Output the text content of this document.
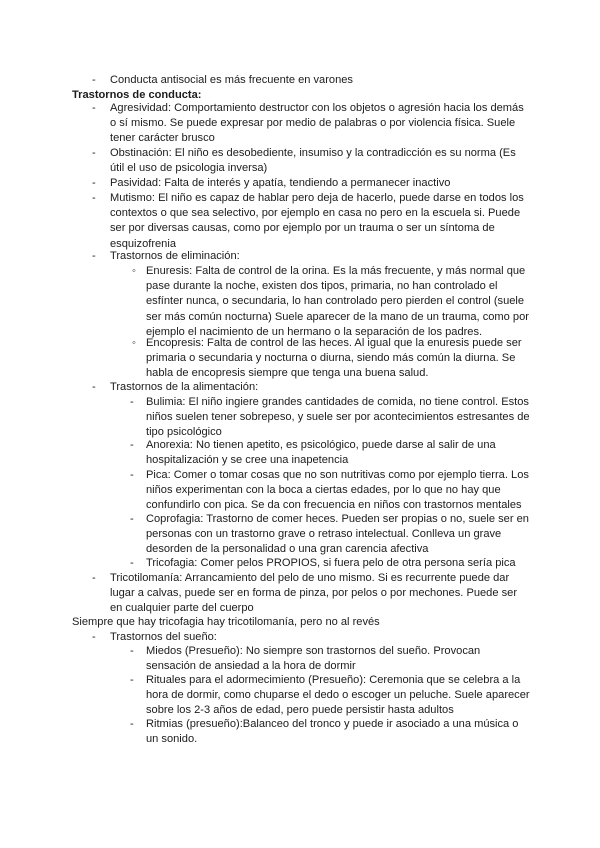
-	Conducta antisocial es más frecuente en varones
Trastornos de conducta:
-	Agresividad: Comportamiento destructor con los objetos o agresión hacia los demás o sí mismo. Se puede expresar por medio de palabras o por violencia física. Suele tener carácter brusco
-	Obstinación: El niño es desobediente, insumiso y la contradicción es su norma (Es útil el uso de psicologia inversa)
-	Pasividad: Falta de interés y apatía, tendiendo a permanecer inactivo
-	Mutismo: El niño es capaz de hablar pero deja de hacerlo, puede darse en todos los contextos o que sea selectivo, por ejemplo en casa no pero en la escuela si. Puede ser por diversas causas, como por ejemplo por un trauma o ser un síntoma de esquizofrenia
-	Trastornos de eliminación:
◦ Enuresis: Falta de control de la orina. Es la más frecuente, y más normal que pase durante la noche, existen dos tipos, primaria, no han controlado el esfínter nunca, o secundaria, lo han controlado pero pierden el control (suele ser más común nocturna) Suele aparecer de la mano de un trauma, como por ejemplo el nacimiento de un hermano o la separación de los padres.
◦ Encopresis: Falta de control de las heces. Al igual que la enuresis puede ser primaria o secundaria y nocturna o diurna, siendo más común la diurna. Se habla de encopresis siempre que tenga una buena salud.
-	Trastornos de la alimentación:
-	Bulimia: El niño ingiere grandes cantidades de comida, no tiene control. Estos niños suelen tener sobrepeso, y suele ser por acontecimientos estresantes de tipo psicológico
-	Anorexia: No tienen apetito, es psicológico, puede darse al salir de una hospitalización y se cree una inapetencia
-	Pica: Comer o tomar cosas que no son nutritivas como por ejemplo tierra. Los niños experimentan con la boca a ciertas edades, por lo que no hay que confundirlo con pica. Se da con frecuencia en niños con trastornos mentales
-	Coprofagia: Trastorno de comer heces. Pueden ser propias o no, suele ser en personas con un trastorno grave o retraso intelectual. Conlleva un grave desorden de la personalidad o una gran carencia afectiva
-	Tricofagia: Comer pelos PROPIOS, si fuera pelo de otra persona sería pica
-	Tricotilomanía: Arrancamiento del pelo de uno mismo. Si es recurrente puede dar lugar a calvas, puede ser en forma de pinza, por pelos o por mechones. Puede ser en cualquier parte del cuerpo
Siempre que hay tricofagia hay tricotilomanía, pero no al revés
-	Trastornos del sueño:
-	Miedos (Presueño): No siempre son trastornos del sueño. Provocan sensación de ansiedad a la hora de dormir
-	Rituales para el adormecimiento (Presueño): Ceremonia que se celebra a la hora de dormir, como chuparse el dedo o escoger un peluche. Suele aparecer sobre los 2-3 años de edad, pero puede persistir hasta adultos
-	Ritmias (presueño):Balanceo del tronco y puede ir asociado a una música o un sonido.
